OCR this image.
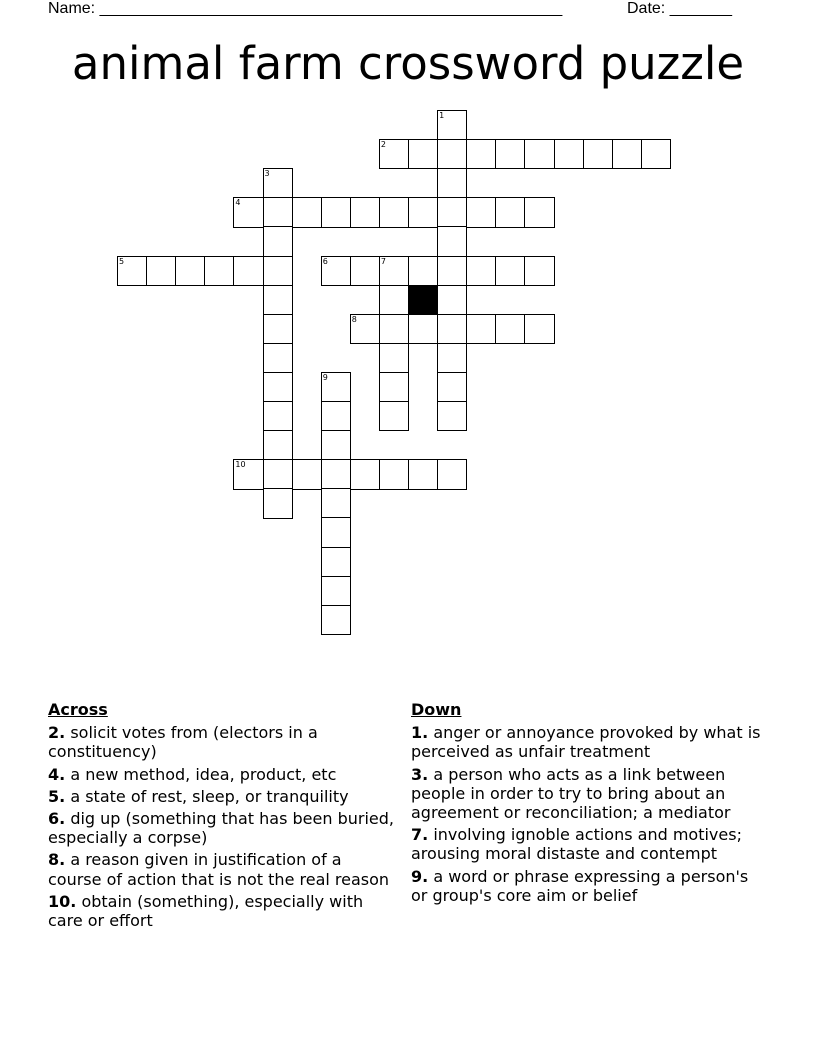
Name: ____________________________________________________	Date: _______
animal farm crossword puzzle
1
2
3
4
5	6	7
8
9
10
Across
2. solicit votes from (electors in a constituency)
4. a new method, idea, product, etc
5. a state of rest, sleep, or tranquility
6. dig up (something that has been buried, especially a corpse)
8. a reason given in justification of a course of action that is not the real reason
10. obtain (something), especially with care or effort
Down
1. anger or annoyance provoked by what is perceived as unfair treatment
3. a person who acts as a link between people in order to try to bring about an agreement or reconciliation; a mediator
7. involving ignoble actions and motives; arousing moral distaste and contempt
9. a word or phrase expressing a person's or group's core aim or belief
